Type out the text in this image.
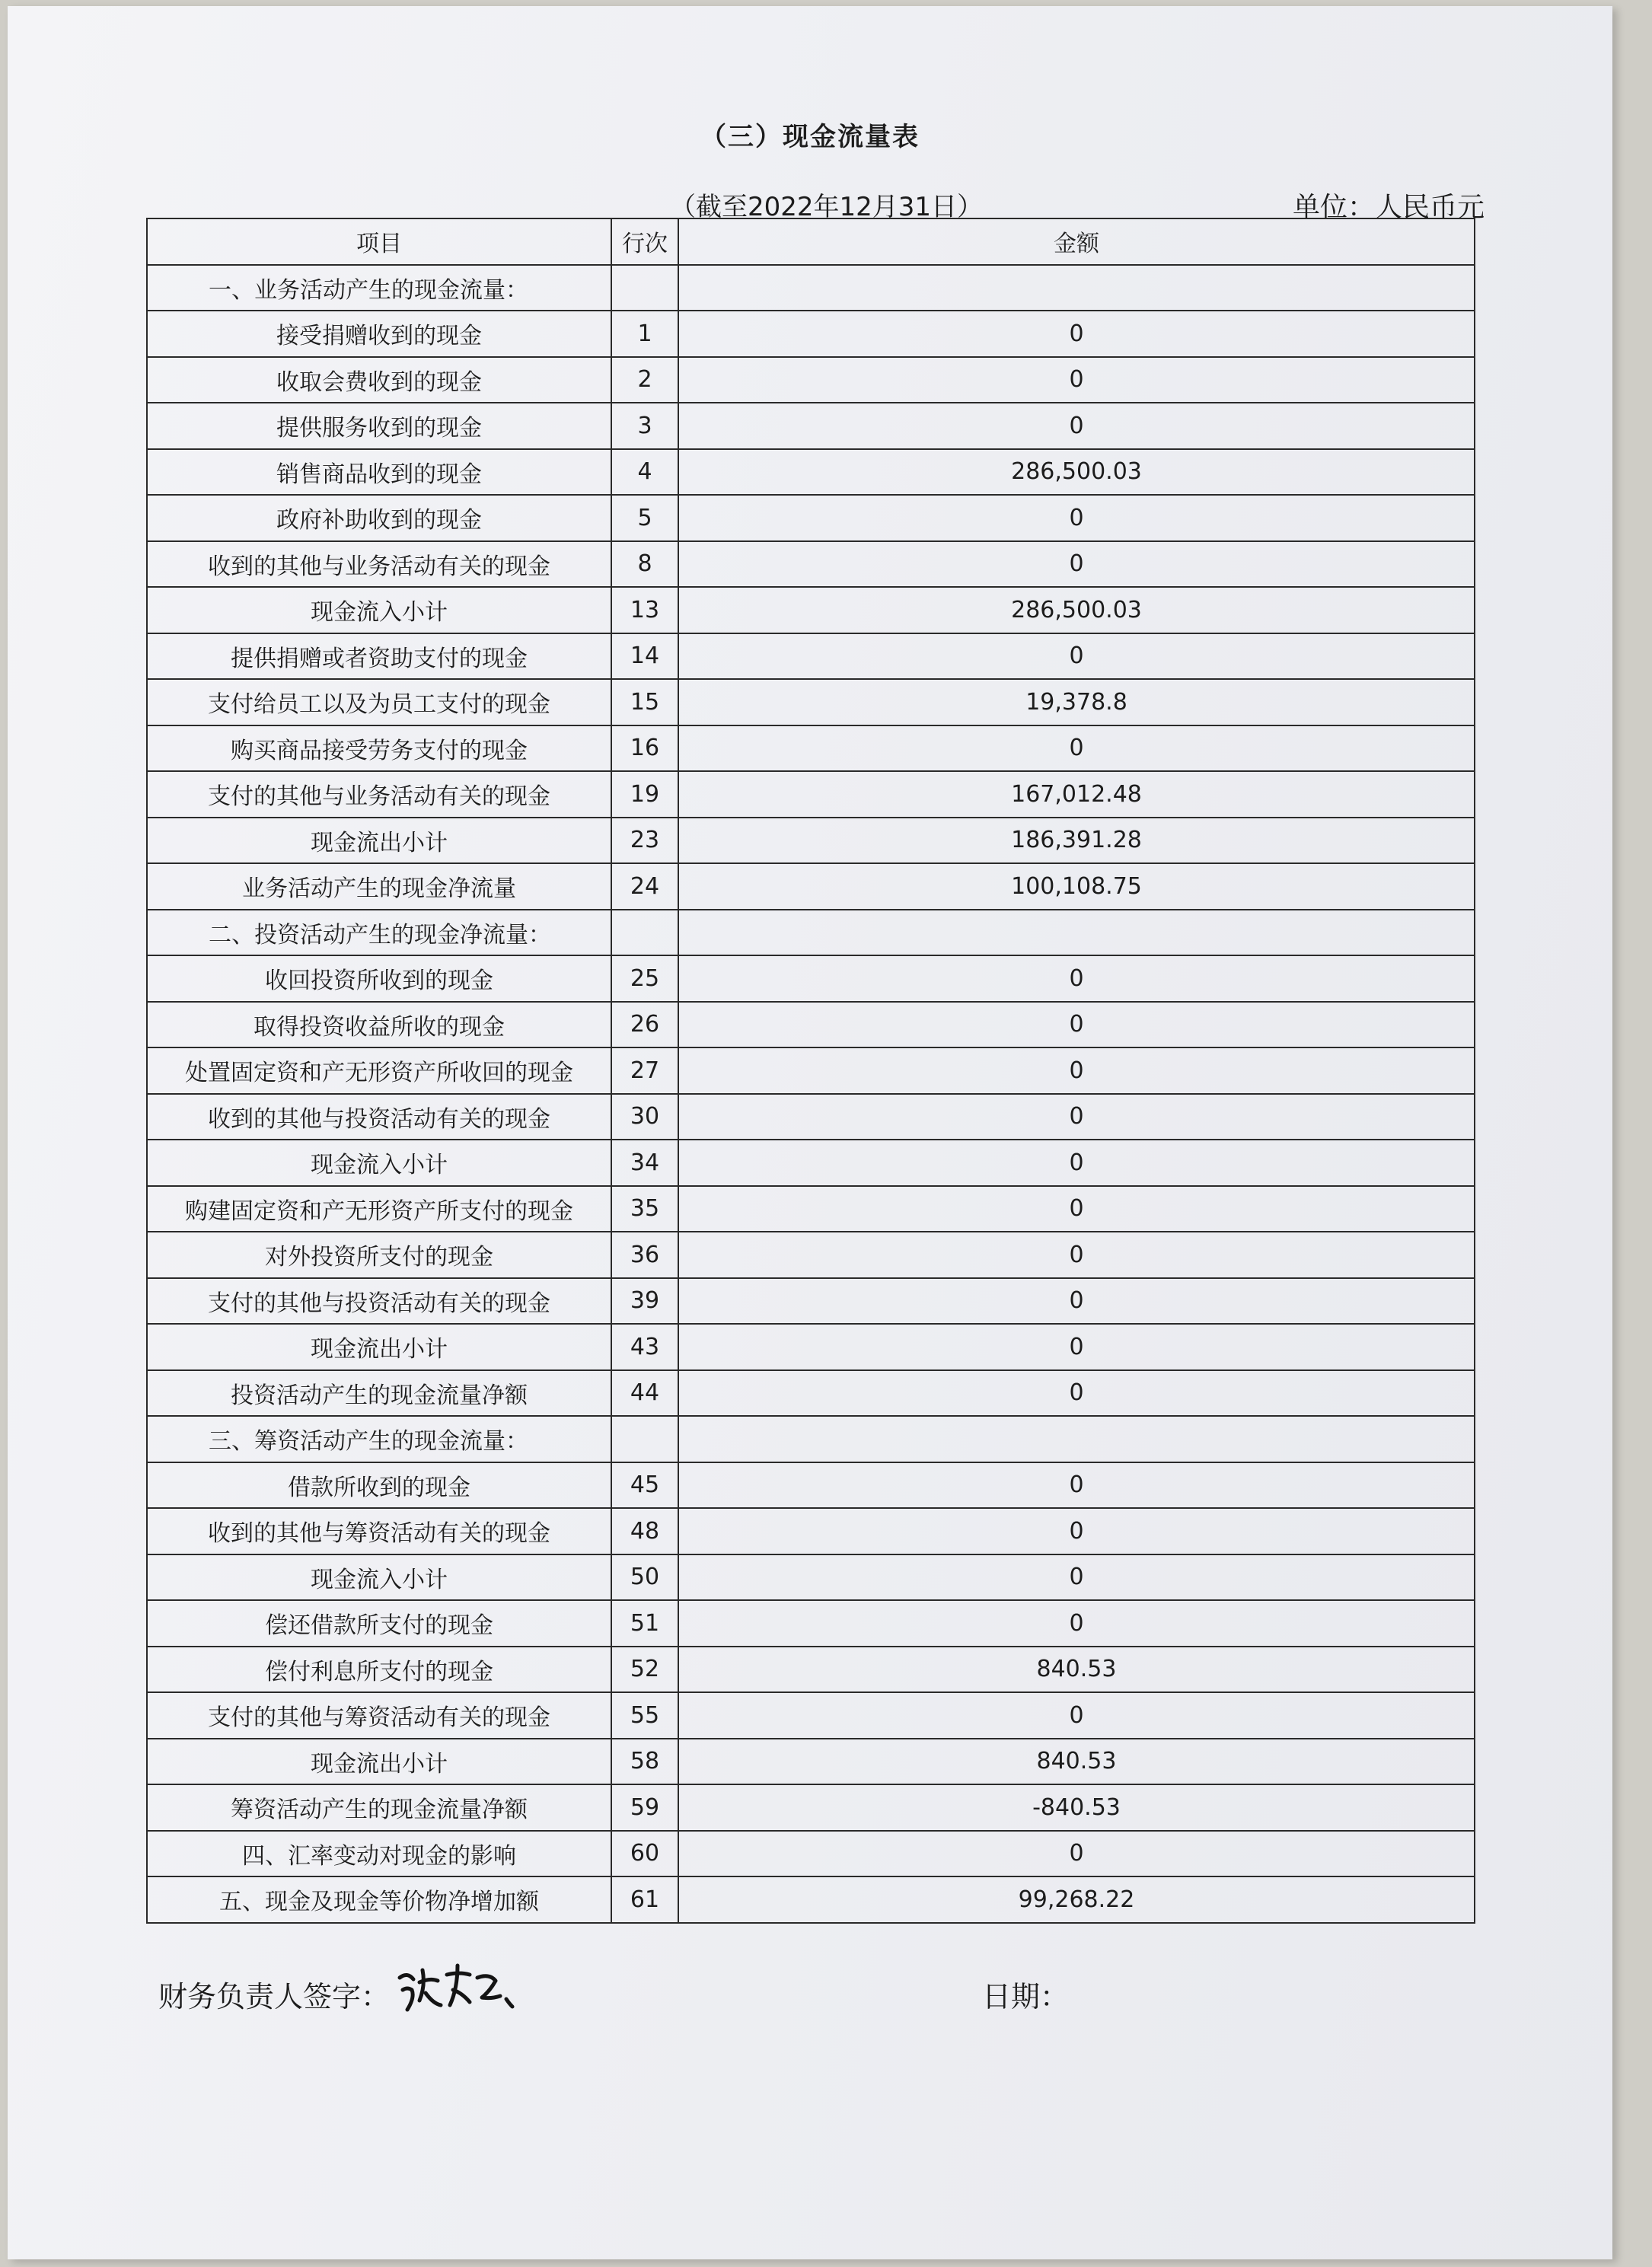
（三）现金流量表
（截至2022年12月31日）	单位：人民币元
项目	行次	金额
一、业务活动产生的现金流量：		
接受捐赠收到的现金	1	0
收取会费收到的现金	2	0
提供服务收到的现金	3	0
销售商品收到的现金	4	286,500.03
政府补助收到的现金	5	0
收到的其他与业务活动有关的现金	8	0
现金流入小计	13	286,500.03
提供捐赠或者资助支付的现金	14	0
支付给员工以及为员工支付的现金	15	19,378.8
购买商品接受劳务支付的现金	16	0
支付的其他与业务活动有关的现金	19	167,012.48
现金流出小计	23	186,391.28
业务活动产生的现金净流量	24	100,108.75
二、投资活动产生的现金净流量：		
收回投资所收到的现金	25	0
取得投资收益所收的现金	26	0
处置固定资和产无形资产所收回的现金	27	0
收到的其他与投资活动有关的现金	30	0
现金流入小计	34	0
购建固定资和产无形资产所支付的现金	35	0
对外投资所支付的现金	36	0
支付的其他与投资活动有关的现金	39	0
现金流出小计	43	0
投资活动产生的现金流量净额	44	0
三、筹资活动产生的现金流量：		
借款所收到的现金	45	0
收到的其他与筹资活动有关的现金	48	0
现金流入小计	50	0
偿还借款所支付的现金	51	0
偿付利息所支付的现金	52	840.53
支付的其他与筹资活动有关的现金	55	0
现金流出小计	58	840.53
筹资活动产生的现金流量净额	59	-840.53
四、汇率变动对现金的影响	60	0
五、现金及现金等价物净增加额	61	99,268.22
财务负责人签字：	日期：
